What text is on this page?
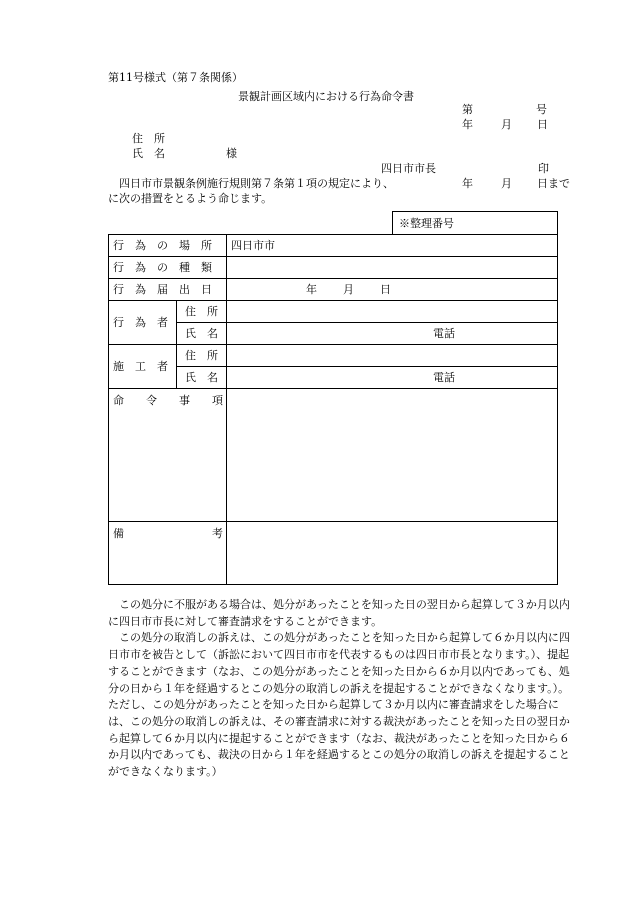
第11号様式（第７条関係）
景観計画区域内における行為命令書
第	号
年	月 日
住　所
氏　名	様
四日市市長	印
四日市市景観条例施行規則第７条第１項の規定により、	年	月 日まで
に次の措置をとるよう命じます。
※整理番号
行　為　の　場　所		四日市市
行　為　の　種　類		
行　為　届　出　日		年 月 日
行　為　者	住　所	
	氏　名	電話
施　工　者	住　所	
	氏　名	電話
命　　令　　事　　項		
備　　　　　　　　考		

この処分に不服がある場合は、処分があったことを知った日の翌日から起算して３か月以内に四日市市長に対して審査請求をすることができます。

この処分の取消しの訴えは、この処分があったことを知った日から起算して６か月以内に四日市市を被告として（訴訟において四日市市を代表するものは四日市市長となります。）、提起することができます（なお、この処分があったことを知った日から６か月以内であっても、処分の日から１年を経過するとこの処分の取消しの訴えを提起することができなくなります。）。ただし、この処分があったことを知った日から起算して３か月以内に審査請求をした場合には、この処分の取消しの訴えは、その審査請求に対する裁決があったことを知った日の翌日から起算して６か月以内に提起することができます（なお、裁決があったことを知った日から６か月以内であっても、裁決の日から１年を経過するとこの処分の取消しの訴えを提起することができなくなります。）
